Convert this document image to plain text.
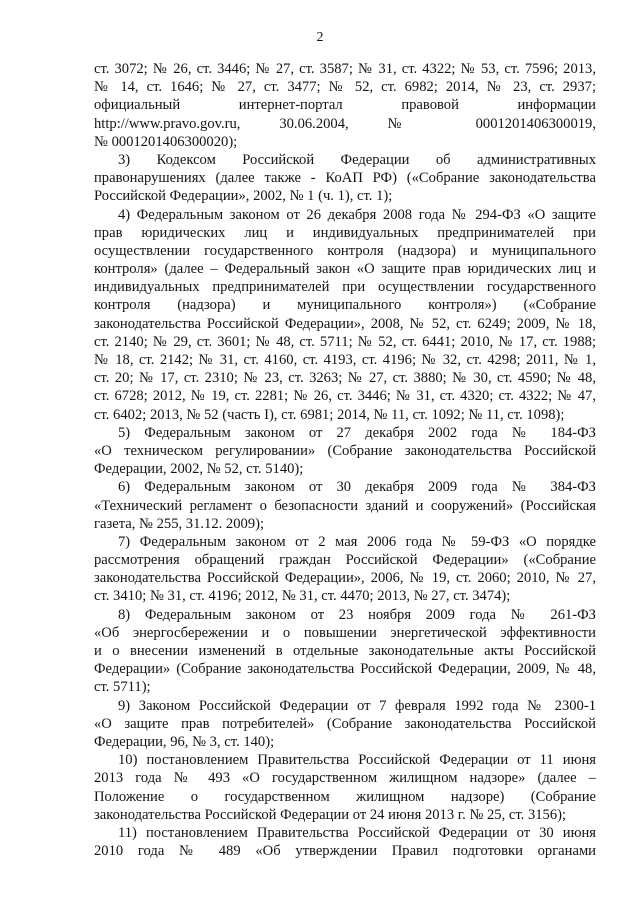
2
ст. 3072; № 26, ст. 3446; № 27, ст. 3587; № 31, ст. 4322; № 53, ст. 7596; 2013,
№ 14, ст. 1646; № 27, ст. 3477; № 52, ст. 6982; 2014, № 23, ст. 2937;
официальный интернет-портал правовой информации
http://www.pravo.gov.ru, 30.06.2004, № 0001201406300019,
№ 0001201406300020);
3) Кодексом Российской Федерации об административных
правонарушениях (далее также - КоАП РФ) («Собрание законодательства
Российской Федерации», 2002, № 1 (ч. 1), ст. 1);
4) Федеральным законом от 26 декабря 2008 года № 294-ФЗ «О защите
прав юридических лиц и индивидуальных предпринимателей при
осуществлении государственного контроля (надзора) и муниципального
контроля» (далее – Федеральный закон «О защите прав юридических лиц и
индивидуальных предпринимателей при осуществлении государственного
контроля (надзора) и муниципального контроля») («Собрание
законодательства Российской Федерации», 2008, № 52, ст. 6249; 2009, № 18,
ст. 2140; № 29, ст. 3601; № 48, ст. 5711; № 52, ст. 6441; 2010, № 17, ст. 1988;
№ 18, ст. 2142; № 31, ст. 4160, ст. 4193, ст. 4196; № 32, ст. 4298; 2011, № 1,
ст. 20; № 17, ст. 2310; № 23, ст. 3263; № 27, ст. 3880; № 30, ст. 4590; № 48,
ст. 6728; 2012, № 19, ст. 2281; № 26, ст. 3446; № 31, ст. 4320; ст. 4322; № 47,
ст. 6402; 2013, № 52 (часть I), ст. 6981; 2014, № 11, ст. 1092; № 11, ст. 1098);
5) Федеральным законом от 27 декабря 2002 года № 184-ФЗ
«О техническом регулировании» (Собрание законодательства Российской
Федерации, 2002, № 52, ст. 5140);
6) Федеральным законом от 30 декабря 2009 года № 384-ФЗ
«Технический регламент о безопасности зданий и сооружений» (Российская
газета, № 255, 31.12. 2009);
7) Федеральным законом от 2 мая 2006 года № 59-ФЗ «О порядке
рассмотрения обращений граждан Российской Федерации» («Собрание
законодательства Российской Федерации», 2006, № 19, ст. 2060; 2010, № 27,
ст. 3410; № 31, ст. 4196; 2012, № 31, ст. 4470; 2013, № 27, ст. 3474);
8) Федеральным законом от 23 ноября 2009 года № 261-ФЗ
«Об энергосбережении и о повышении энергетической эффективности
и о внесении изменений в отдельные законодательные акты Российской
Федерации» (Собрание законодательства Российской Федерации, 2009, № 48,
ст. 5711);
9) Законом Российской Федерации от 7 февраля 1992 года № 2300-1
«О защите прав потребителей» (Собрание законодательства Российской
Федерации, 96, № 3, ст. 140);
10) постановлением Правительства Российской Федерации от 11 июня
2013 года № 493 «О государственном жилищном надзоре» (далее –
Положение о государственном жилищном надзоре) (Собрание
законодательства Российской Федерации от 24 июня 2013 г. № 25, ст. 3156);
11) постановлением Правительства Российской Федерации от 30 июня
2010 года № 489 «Об утверждении Правил подготовки органами
